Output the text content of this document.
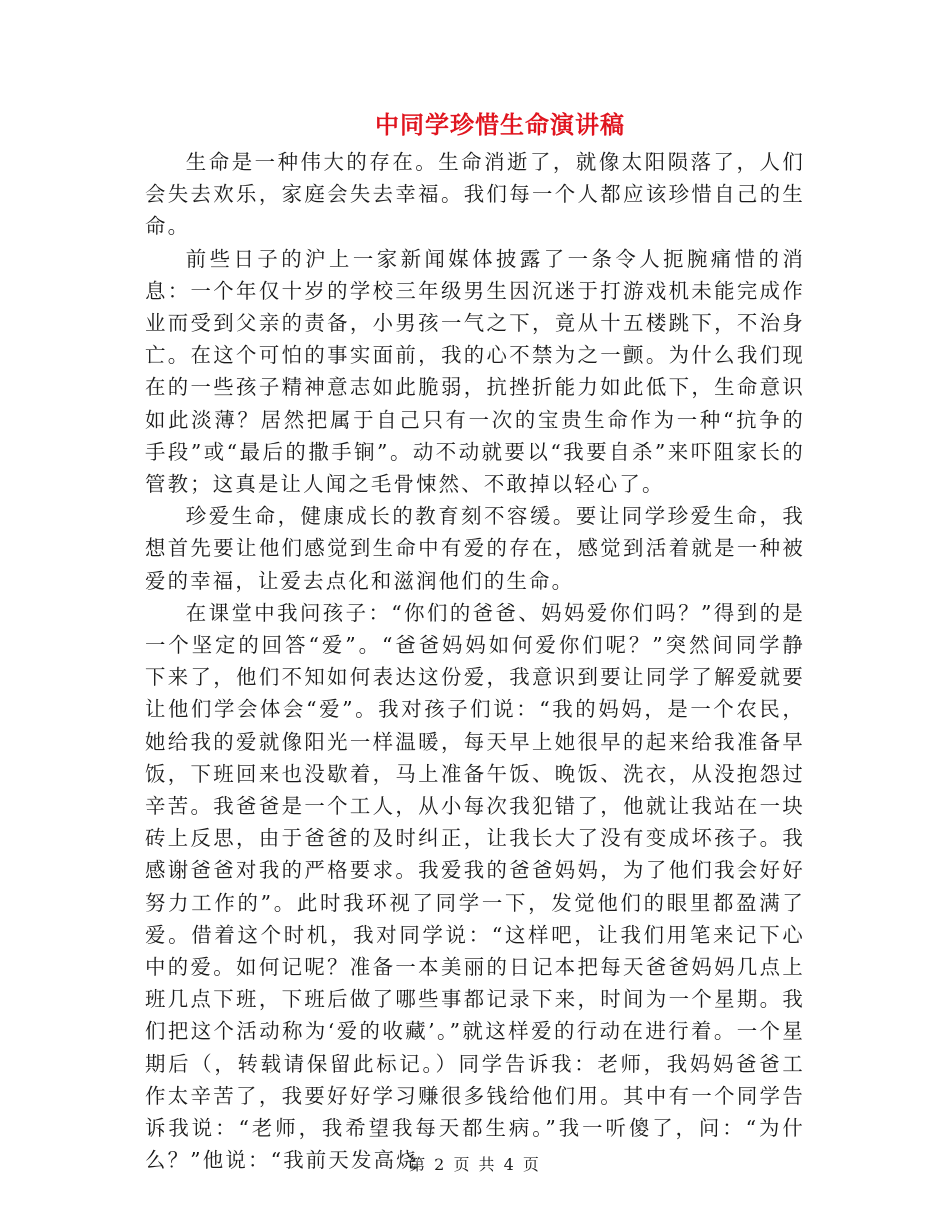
中同学珍惜生命演讲稿

生命是一种伟大的存在。生命消逝了，就像太阳陨落了，人们会失去欢乐，家庭会失去幸福。我们每一个人都应该珍惜自己的生命。

前些日子的沪上一家新闻媒体披露了一条令人扼腕痛惜的消息：一个年仅十岁的学校三年级男生因沉迷于打游戏机未能完成作业而受到父亲的责备，小男孩一气之下，竟从十五楼跳下，不治身亡。在这个可怕的事实面前，我的心不禁为之一颤。为什么我们现在的一些孩子精神意志如此脆弱，抗挫折能力如此低下，生命意识如此淡薄？居然把属于自己只有一次的宝贵生命作为一种“抗争的手段”或“最后的撒手锏”。动不动就要以“我要自杀”来吓阻家长的管教；这真是让人闻之毛骨悚然、不敢掉以轻心了。

珍爱生命，健康成长的教育刻不容缓。要让同学珍爱生命，我想首先要让他们感觉到生命中有爱的存在，感觉到活着就是一种被爱的幸福，让爱去点化和滋润他们的生命。

在课堂中我问孩子：“你们的爸爸、妈妈爱你们吗？”得到的是一个坚定的回答“爱”。“爸爸妈妈如何爱你们呢？”突然间同学静下来了，他们不知如何表达这份爱，我意识到要让同学了解爱就要让他们学会体会“爱”。我对孩子们说：“我的妈妈，是一个农民，她给我的爱就像阳光一样温暖，每天早上她很早的起来给我准备早饭，下班回来也没歇着，马上准备午饭、晚饭、洗衣，从没抱怨过辛苦。我爸爸是一个工人，从小每次我犯错了，他就让我站在一块砖上反思，由于爸爸的及时纠正，让我长大了没有变成坏孩子。我感谢爸爸对我的严格要求。我爱我的爸爸妈妈，为了他们我会好好努力工作的”。此时我环视了同学一下，发觉他们的眼里都盈满了爱。借着这个时机，我对同学说：“这样吧，让我们用笔来记下心中的爱。如何记呢？准备一本美丽的日记本把每天爸爸妈妈几点上班几点下班，下班后做了哪些事都记录下来，时间为一个星期。我们把这个活动称为‘爱的收藏’。”就这样爱的行动在进行着。一个星期后（，转载请保留此标记。）同学告诉我：老师，我妈妈爸爸工作太辛苦了，我要好好学习赚很多钱给他们用。其中有一个同学告诉我说：“老师，我希望我每天都生病。”我一听傻了，问：“为什么？”他说：“我前天发高烧

第 2 页 共 4 页
